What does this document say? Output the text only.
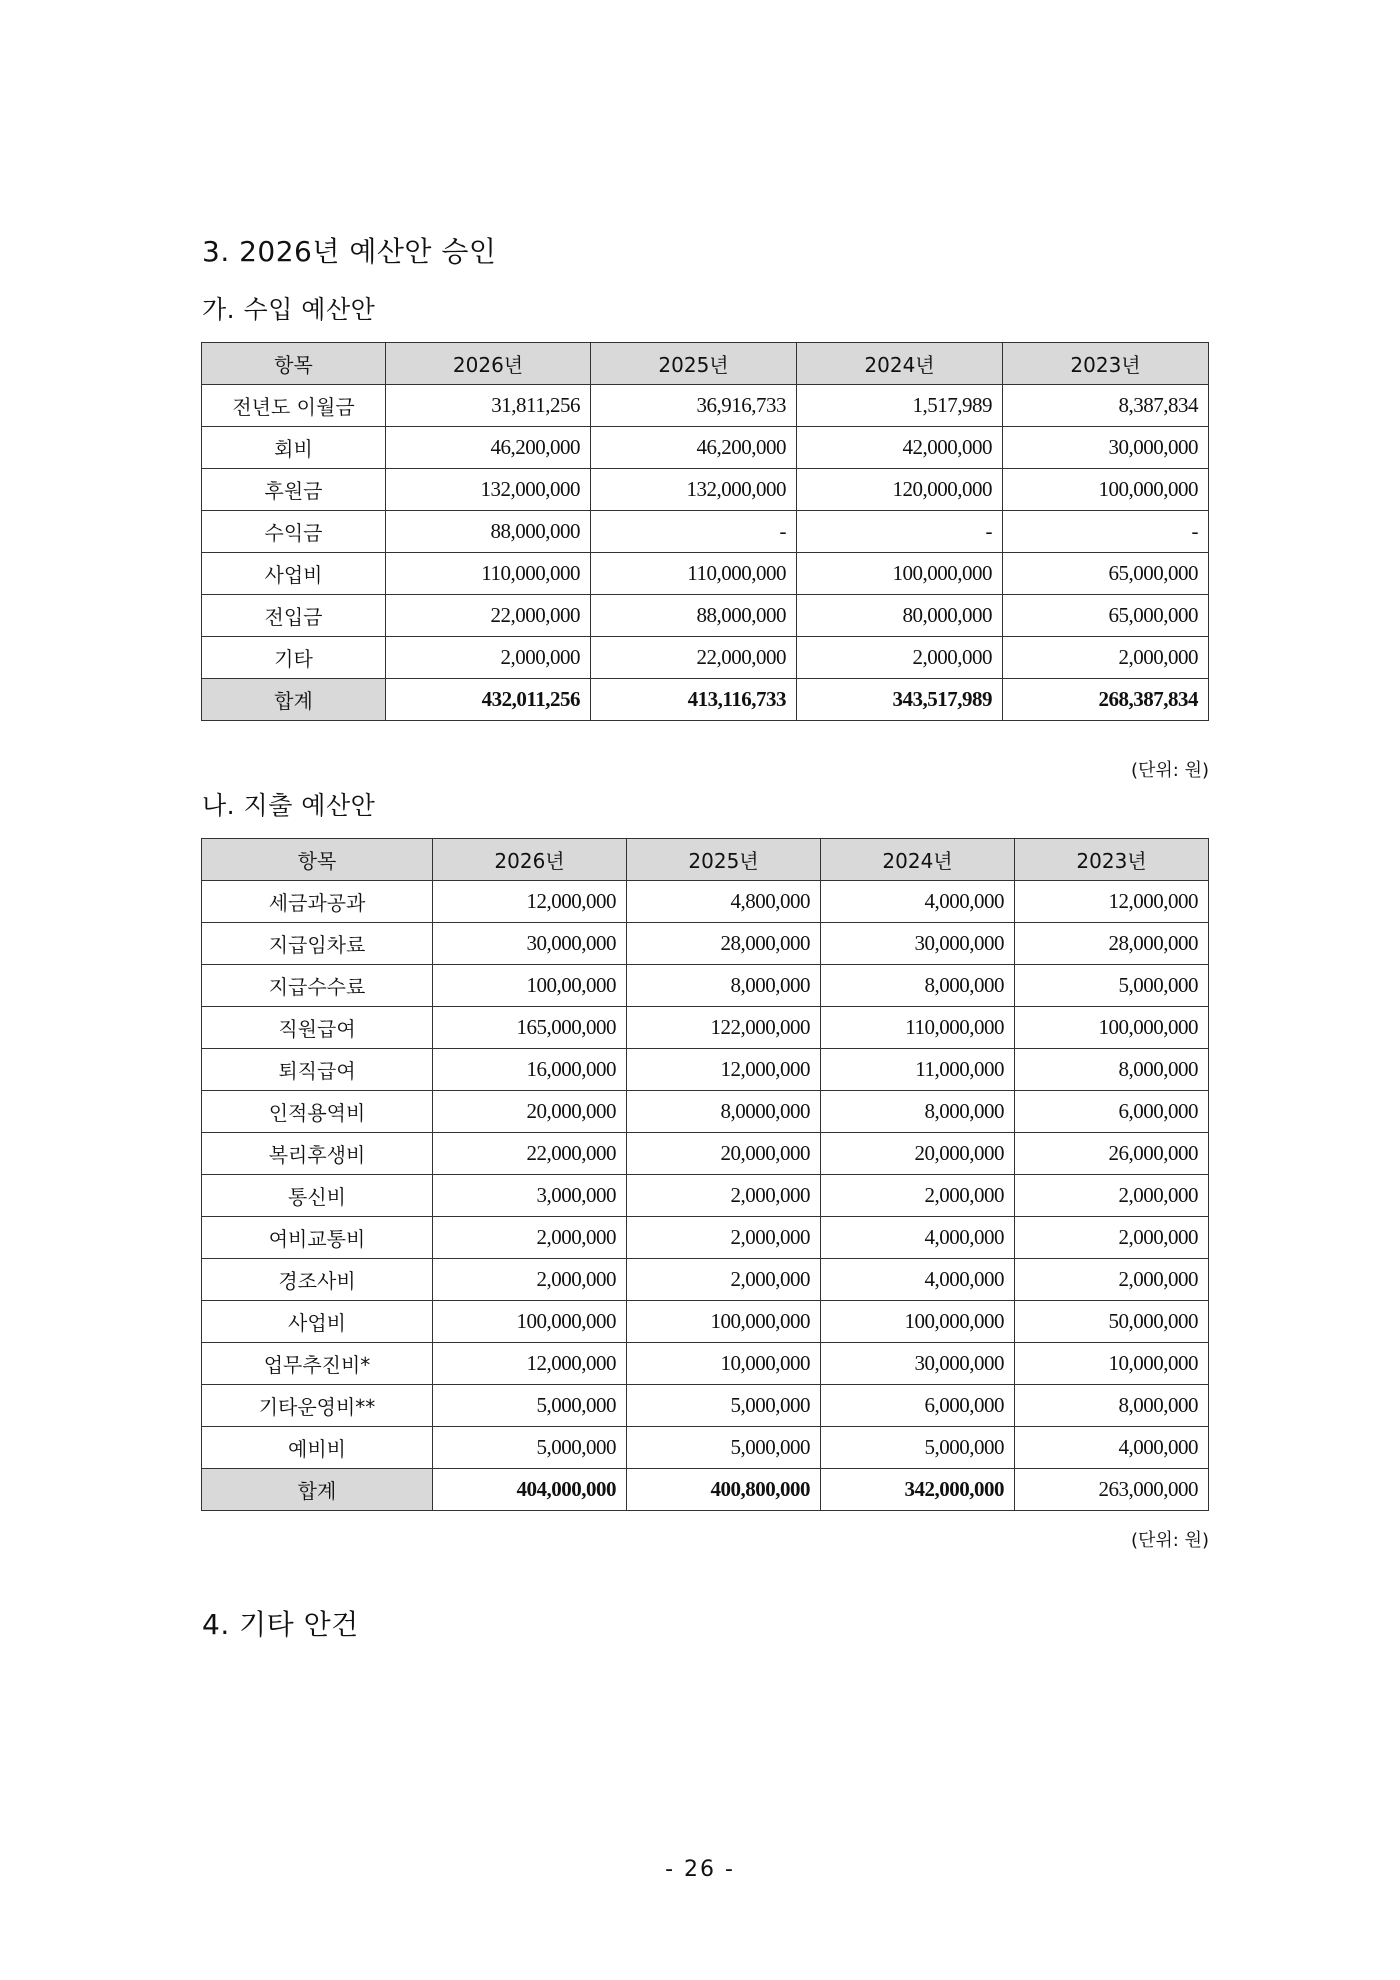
3. 2026년 예산안 승인
가. 수입 예산안
항목	2026년	2025년	2024년	2023년
전년도 이월금	31,811,256	36,916,733	1,517,989	8,387,834
회비	46,200,000	46,200,000	42,000,000	30,000,000
후원금	132,000,000	132,000,000	120,000,000	100,000,000
수익금	88,000,000	-	-	-
사업비	110,000,000	110,000,000	100,000,000	65,000,000
전입금	22,000,000	88,000,000	80,000,000	65,000,000
기타	2,000,000	22,000,000	2,000,000	2,000,000
합계	432,011,256	413,116,733	343,517,989	268,387,834
(단위: 원)
나. 지출 예산안
항목	2026년	2025년	2024년	2023년
세금과공과	12,000,000	4,800,000	4,000,000	12,000,000
지급임차료	30,000,000	28,000,000	30,000,000	28,000,000
지급수수료	100,00,000	8,000,000	8,000,000	5,000,000
직원급여	165,000,000	122,000,000	110,000,000	100,000,000
퇴직급여	16,000,000	12,000,000	11,000,000	8,000,000
인적용역비	20,000,000	8,0000,000	8,000,000	6,000,000
복리후생비	22,000,000	20,000,000	20,000,000	26,000,000
통신비	3,000,000	2,000,000	2,000,000	2,000,000
여비교통비	2,000,000	2,000,000	4,000,000	2,000,000
경조사비	2,000,000	2,000,000	4,000,000	2,000,000
사업비	100,000,000	100,000,000	100,000,000	50,000,000
업무추진비*	12,000,000	10,000,000	30,000,000	10,000,000
기타운영비**	5,000,000	5,000,000	6,000,000	8,000,000
예비비	5,000,000	5,000,000	5,000,000	4,000,000
합계	404,000,000	400,800,000	342,000,000	263,000,000
(단위: 원)
4. 기타 안건
- 26 -
